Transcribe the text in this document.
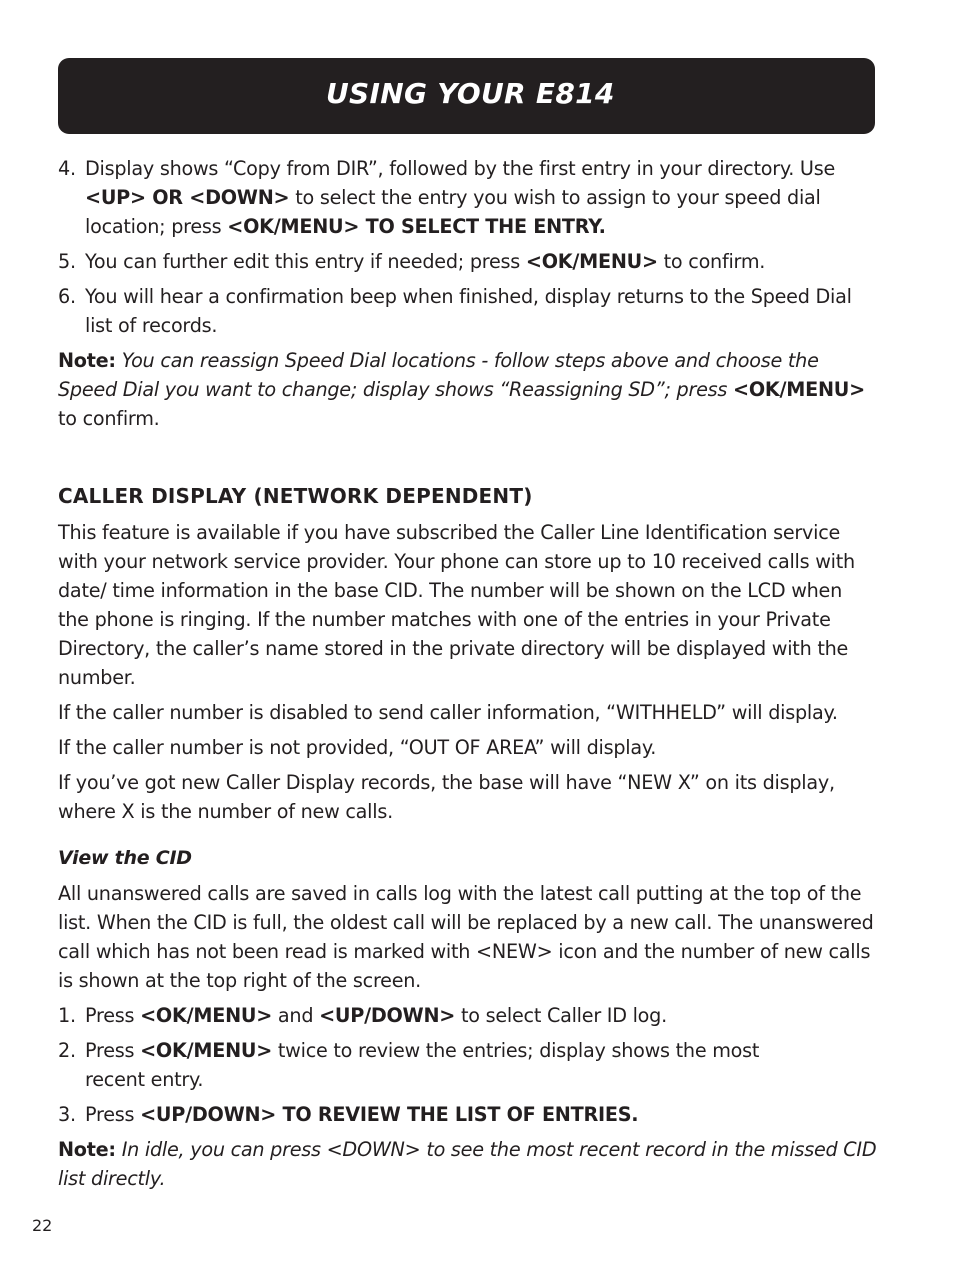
USING YOUR E814
4. Display shows “Copy from DIR”, followed by the first entry in your directory. Use <UP> OR <DOWN> to select the entry you wish to assign to your speed dial location; press <OK/MENU> TO SELECT THE ENTRY.
5. You can further edit this entry if needed; press <OK/MENU> to confirm.
6. You will hear a confirmation beep when finished, display returns to the Speed Dial list of records.

Note: You can reassign Speed Dial locations - follow steps above and choose the Speed Dial you want to change; display shows “Reassigning SD”; press <OK/MENU> to confirm.

CALLER DISPLAY (NETWORK DEPENDENT)

This feature is available if you have subscribed the Caller Line Identification service with your network service provider. Your phone can store up to 10 received calls with date/ time information in the base CID. The number will be shown on the LCD when the phone is ringing. If the number matches with one of the entries in your Private Directory, the caller’s name stored in the private directory will be displayed with the number.

If the caller number is disabled to send caller information, “WITHHELD” will display.

If the caller number is not provided, “OUT OF AREA” will display.

If you’ve got new Caller Display records, the base will have “NEW X” on its display, where X is the number of new calls.

View the CID

All unanswered calls are saved in calls log with the latest call putting at the top of the list. When the CID is full, the oldest call will be replaced by a new call. The unanswered call which has not been read is marked with <NEW> icon and the number of new calls is shown at the top right of the screen.

1. Press <OK/MENU> and <UP/DOWN> to select Caller ID log.
2. Press <OK/MENU> twice to review the entries; display shows the most recent entry.
3. Press <UP/DOWN> TO REVIEW THE LIST OF ENTRIES.

Note: In idle, you can press <DOWN> to see the most recent record in the missed CID list directly.

22
